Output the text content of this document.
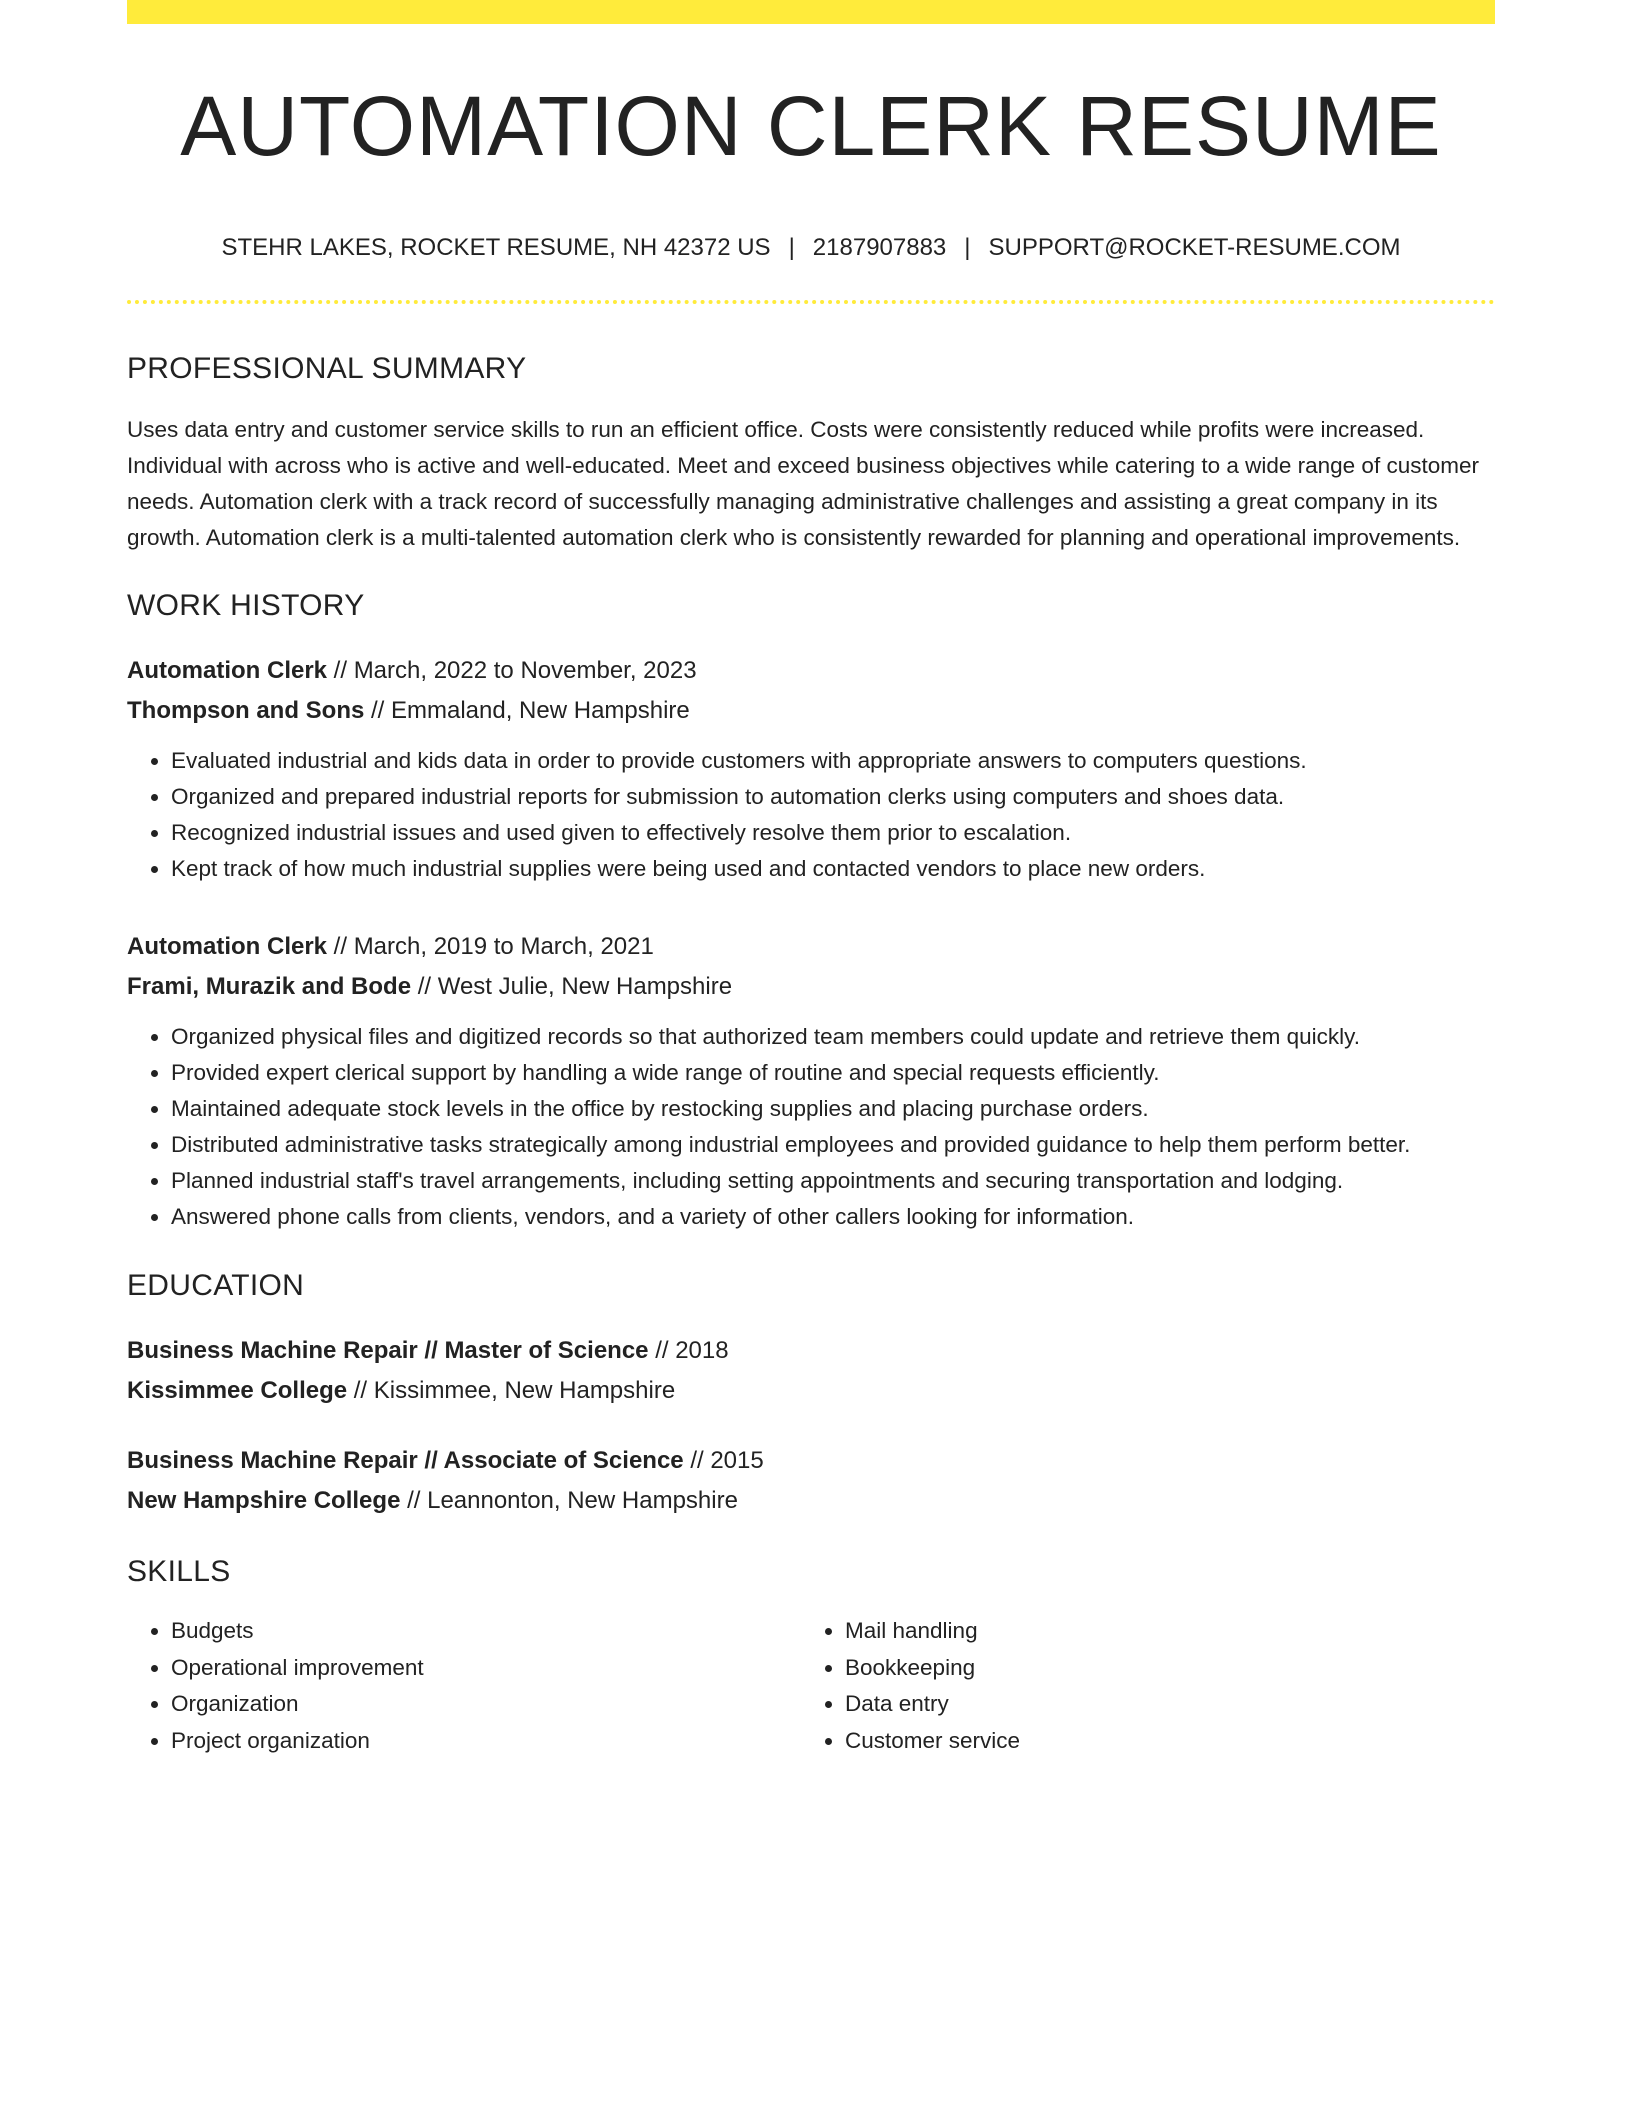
AUTOMATION CLERK RESUME
STEHR LAKES, ROCKET RESUME, NH 42372 US | 2187907883 | SUPPORT@ROCKET-RESUME.COM
PROFESSIONAL SUMMARY

Uses data entry and customer service skills to run an efficient office. Costs were consistently reduced while profits were increased. Individual with across who is active and well-educated. Meet and exceed business objectives while catering to a wide range of customer needs. Automation clerk with a track record of successfully managing administrative challenges and assisting a great company in its growth. Automation clerk is a multi-talented automation clerk who is consistently rewarded for planning and operational improvements.

WORK HISTORY
Automation Clerk // March, 2022 to November, 2023
Thompson and Sons // Emmaland, New Hampshire
• Evaluated industrial and kids data in order to provide customers with appropriate answers to computers questions.
• Organized and prepared industrial reports for submission to automation clerks using computers and shoes data.
• Recognized industrial issues and used given to effectively resolve them prior to escalation.
• Kept track of how much industrial supplies were being used and contacted vendors to place new orders.
Automation Clerk // March, 2019 to March, 2021
Frami, Murazik and Bode // West Julie, New Hampshire
• Organized physical files and digitized records so that authorized team members could update and retrieve them quickly.
• Provided expert clerical support by handling a wide range of routine and special requests efficiently.
• Maintained adequate stock levels in the office by restocking supplies and placing purchase orders.
• Distributed administrative tasks strategically among industrial employees and provided guidance to help them perform better.
• Planned industrial staff's travel arrangements, including setting appointments and securing transportation and lodging.
• Answered phone calls from clients, vendors, and a variety of other callers looking for information.
EDUCATION
Business Machine Repair // Master of Science // 2018
Kissimmee College // Kissimmee, New Hampshire
Business Machine Repair // Associate of Science // 2015
New Hampshire College // Leannonton, New Hampshire
SKILLS
• Budgets
• Operational improvement
• Organization
• Project organization
• Mail handling
• Bookkeeping
• Data entry
• Customer service
